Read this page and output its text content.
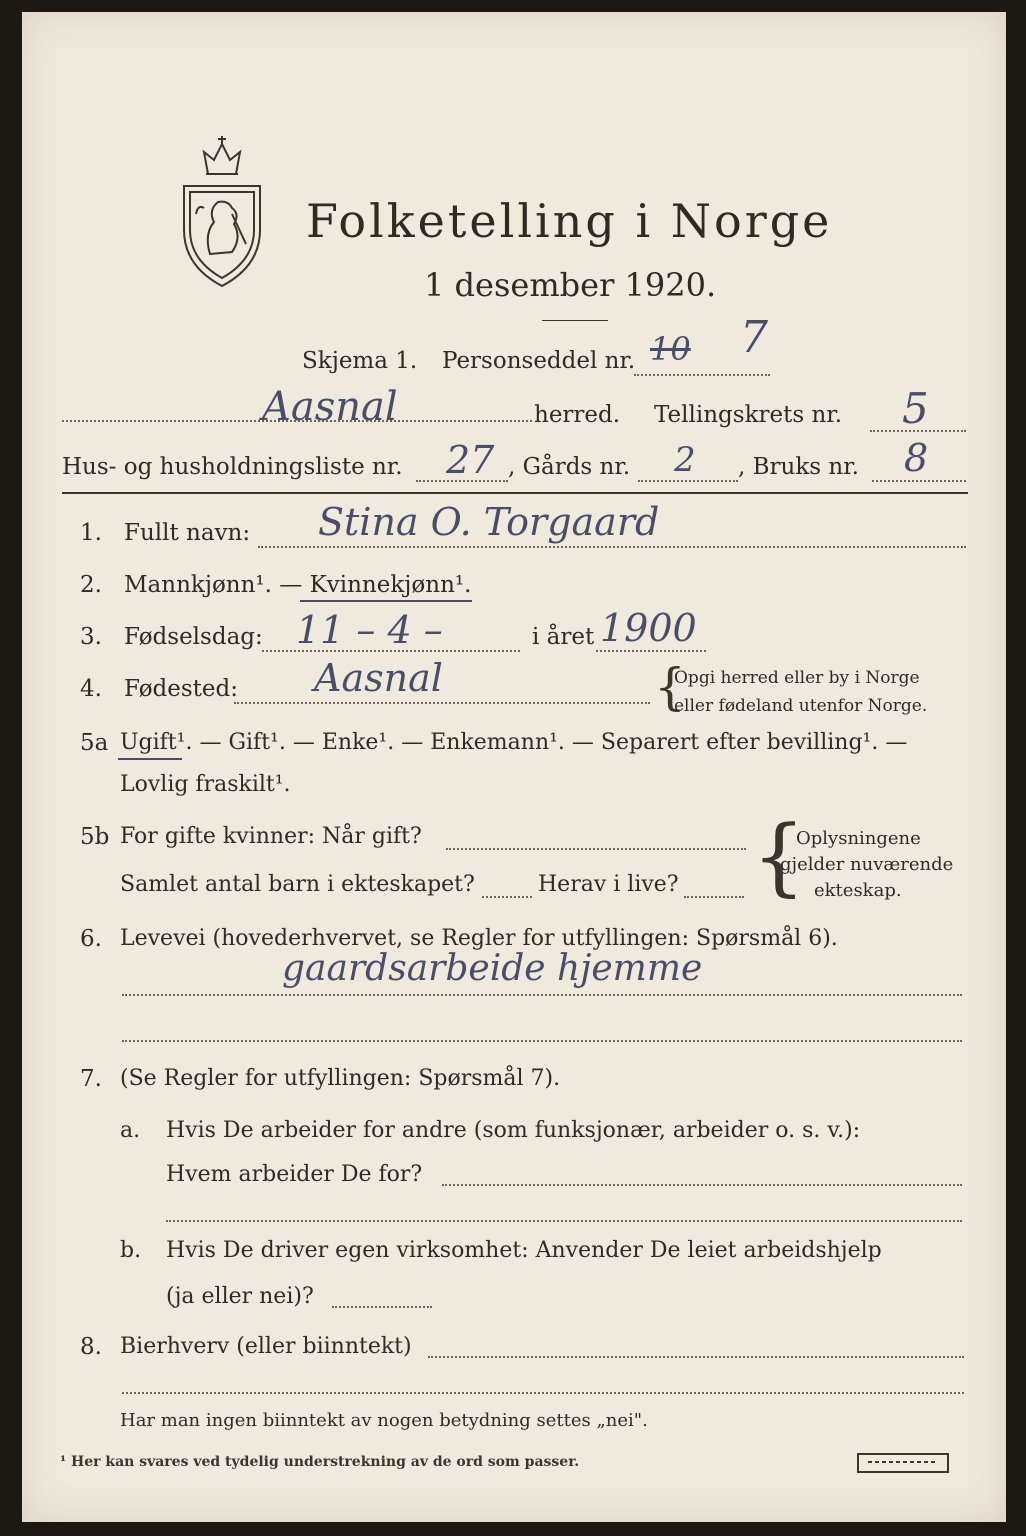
Folketelling i Norge
1 desember 1920.
Skjema 1. Personseddel nr. 10 7
Aasnal	herred. Tellingskrets nr. 5
Hus- og husholdningsliste nr. 27 , Gårds nr. 2 , Bruks nr. 8
1. Fullt navn: Stina O. Torgaard
2. Mannkjønn¹. — Kvinnekjønn¹.
3. Fødselsdag: 11 – 4 –	i året 1900
4. Fødested: Aasnal	{
Opgi herred eller by i Norge
eller fødeland utenfor Norge.
5a Ugift¹. — Gift¹. — Enke¹. — Enkemann¹. — Separert efter bevilling¹. —
Lovlig fraskilt¹.
5b For gifte kvinner: Når gift?
Samlet antal barn i ekteskapet?	Herav i live? {
Oplysningene
gjelder nuværende
ekteskap.
6. Levevei (hovederhvervet, se Regler for utfyllingen: Spørsmål 6).
gaardsarbeide hjemme
7. (Se Regler for utfyllingen: Spørsmål 7).
a. Hvis De arbeider for andre (som funksjonær, arbeider o. s. v.):
Hvem arbeider De for?
b. Hvis De driver egen virksomhet: Anvender De leiet arbeidshjelp
(ja eller nei)?
8. Bierhverv (eller biinntekt)
Har man ingen biinntekt av nogen betydning settes „nei".
¹ Her kan svares ved tydelig understrekning av de ord som passer.
